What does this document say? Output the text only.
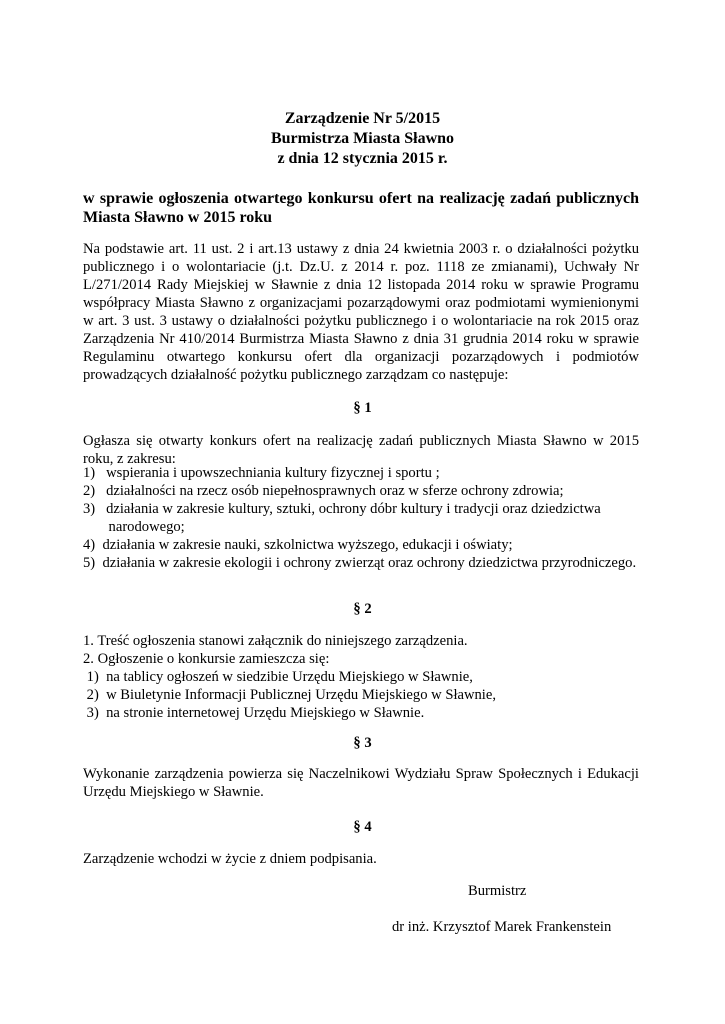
Zarządzenie Nr 5/2015
Burmistrza Miasta Sławno
z dnia 12 stycznia 2015 r.
w sprawie ogłoszenia otwartego konkursu ofert na realizację zadań publicznych Miasta Sławno w 2015 roku
Na podstawie art. 11 ust. 2 i art.13 ustawy z dnia 24 kwietnia 2003 r. o działalności pożytku publicznego i o wolontariacie (j.t. Dz.U. z 2014 r. poz. 1118 ze zmianami), Uchwały Nr L/271/2014 Rady Miejskiej w Sławnie z dnia 12 listopada 2014 roku w sprawie Programu współpracy Miasta Sławno z organizacjami pozarządowymi oraz podmiotami wymienionymi w art. 3 ust. 3 ustawy o działalności pożytku publicznego i o wolontariacie na rok 2015 oraz Zarządzenia Nr 410/2014 Burmistrza Miasta Sławno z dnia 31 grudnia 2014 roku w sprawie Regulaminu otwartego konkursu ofert dla organizacji pozarządowych i podmiotów prowadzących działalność pożytku publicznego zarządzam co następuje:
§ 1
Ogłasza się otwarty konkurs ofert na realizację zadań publicznych Miasta Sławno w 2015 roku, z zakresu:
1)   wspierania i upowszechniania kultury fizycznej i sportu ;
2)   działalności na rzecz osób niepełnosprawnych oraz w sferze ochrony zdrowia;
3)   działania w zakresie kultury, sztuki, ochrony dóbr kultury i tradycji oraz dziedzictwa
narodowego;
4)  działania w zakresie nauki, szkolnictwa wyższego, edukacji i oświaty;
5)  działania w zakresie ekologii i ochrony zwierząt oraz ochrony dziedzictwa przyrodniczego.
§ 2
1. Treść ogłoszenia stanowi załącznik do niniejszego zarządzenia.
2. Ogłoszenie o konkursie zamieszcza się:
1)  na tablicy ogłoszeń w siedzibie Urzędu Miejskiego w Sławnie,
2)  w Biuletynie Informacji Publicznej Urzędu Miejskiego w Sławnie,
3)  na stronie internetowej Urzędu Miejskiego w Sławnie.
§ 3
Wykonanie zarządzenia powierza się Naczelnikowi Wydziału Spraw Społecznych i Edukacji Urzędu Miejskiego w Sławnie.
§ 4
Zarządzenie wchodzi w życie z dniem podpisania.
Burmistrz
dr inż. Krzysztof Marek Frankenstein
